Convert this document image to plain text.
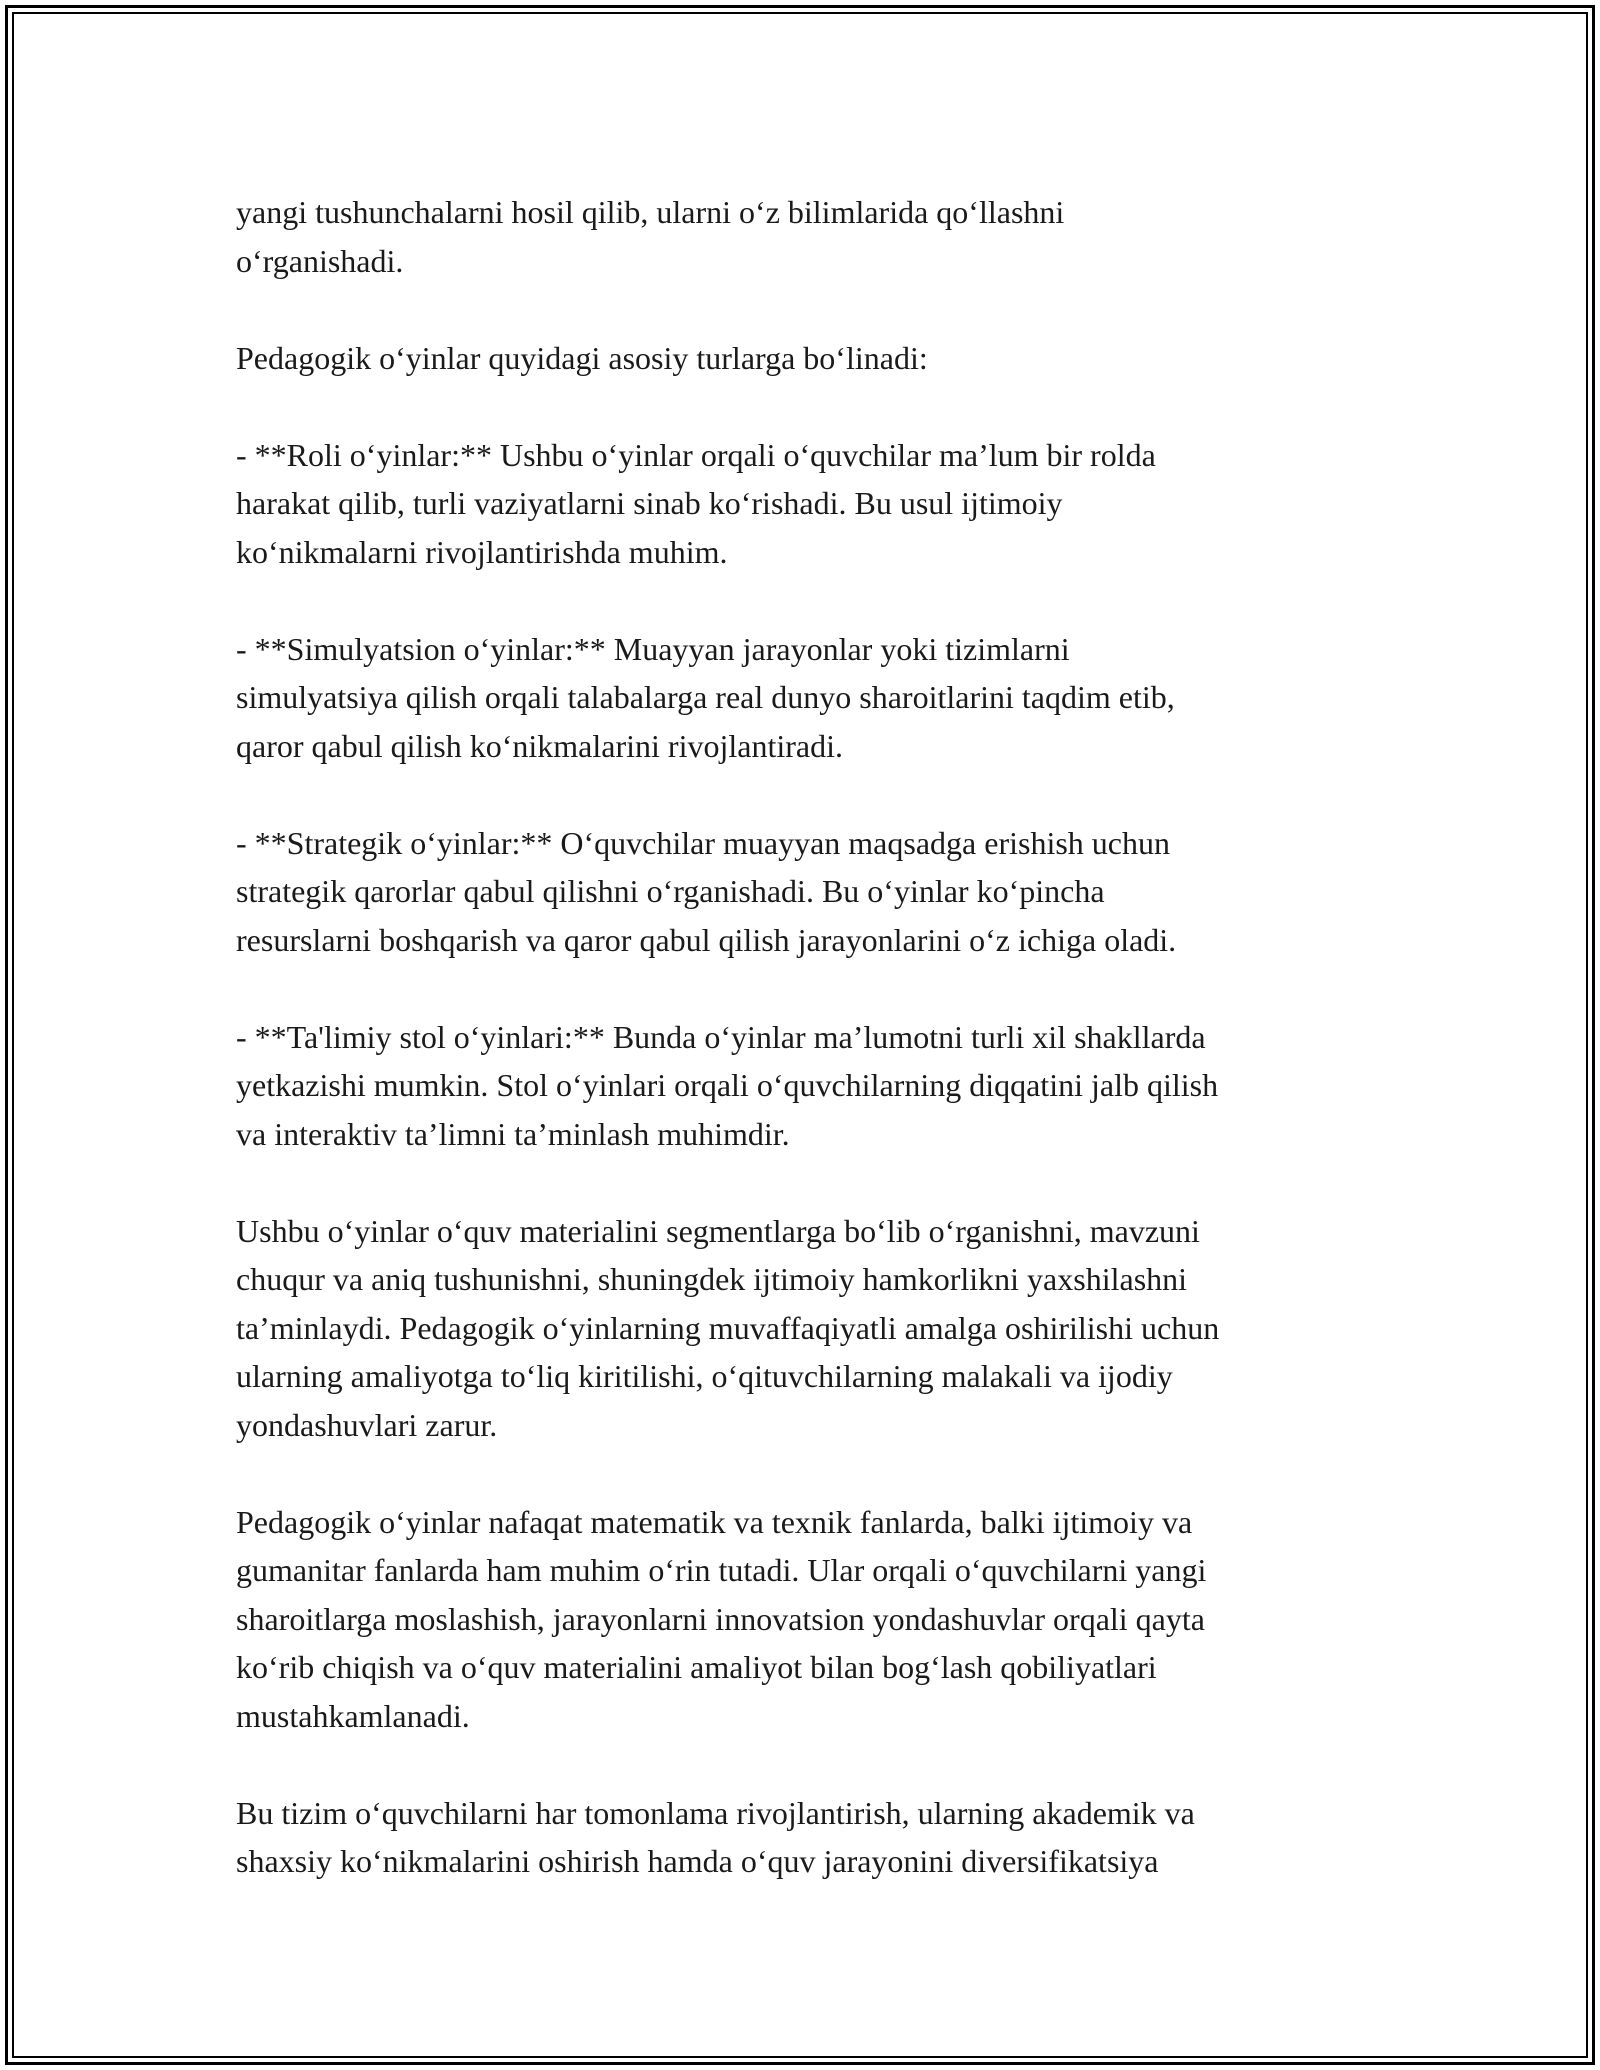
yangi tushunchalarni hosil qilib, ularni o‘z bilimlarida qo‘llashni
o‘rganishadi.

Pedagogik o‘yinlar quyidagi asosiy turlarga bo‘linadi:

- **Roli o‘yinlar:** Ushbu o‘yinlar orqali o‘quvchilar ma’lum bir rolda
harakat qilib, turli vaziyatlarni sinab ko‘rishadi. Bu usul ijtimoiy
ko‘nikmalarni rivojlantirishda muhim.

- **Simulyatsion o‘yinlar:** Muayyan jarayonlar yoki tizimlarni
simulyatsiya qilish orqali talabalarga real dunyo sharoitlarini taqdim etib,
qaror qabul qilish ko‘nikmalarini rivojlantiradi.

- **Strategik o‘yinlar:** O‘quvchilar muayyan maqsadga erishish uchun
strategik qarorlar qabul qilishni o‘rganishadi. Bu o‘yinlar ko‘pincha
resurslarni boshqarish va qaror qabul qilish jarayonlarini o‘z ichiga oladi.

- **Ta'limiy stol o‘yinlari:** Bunda o‘yinlar ma’lumotni turli xil shakllarda
yetkazishi mumkin. Stol o‘yinlari orqali o‘quvchilarning diqqatini jalb qilish
va interaktiv ta’limni ta’minlash muhimdir.

Ushbu o‘yinlar o‘quv materialini segmentlarga bo‘lib o‘rganishni, mavzuni
chuqur va aniq tushunishni, shuningdek ijtimoiy hamkorlikni yaxshilashni
ta’minlaydi. Pedagogik o‘yinlarning muvaffaqiyatli amalga oshirilishi uchun
ularning amaliyotga to‘liq kiritilishi, o‘qituvchilarning malakali va ijodiy
yondashuvlari zarur.

Pedagogik o‘yinlar nafaqat matematik va texnik fanlarda, balki ijtimoiy va
gumanitar fanlarda ham muhim o‘rin tutadi. Ular orqali o‘quvchilarni yangi
sharoitlarga moslashish, jarayonlarni innovatsion yondashuvlar orqali qayta
ko‘rib chiqish va o‘quv materialini amaliyot bilan bog‘lash qobiliyatlari
mustahkamlanadi.

Bu tizim o‘quvchilarni har tomonlama rivojlantirish, ularning akademik va
shaxsiy ko‘nikmalarini oshirish hamda o‘quv jarayonini diversifikatsiya
